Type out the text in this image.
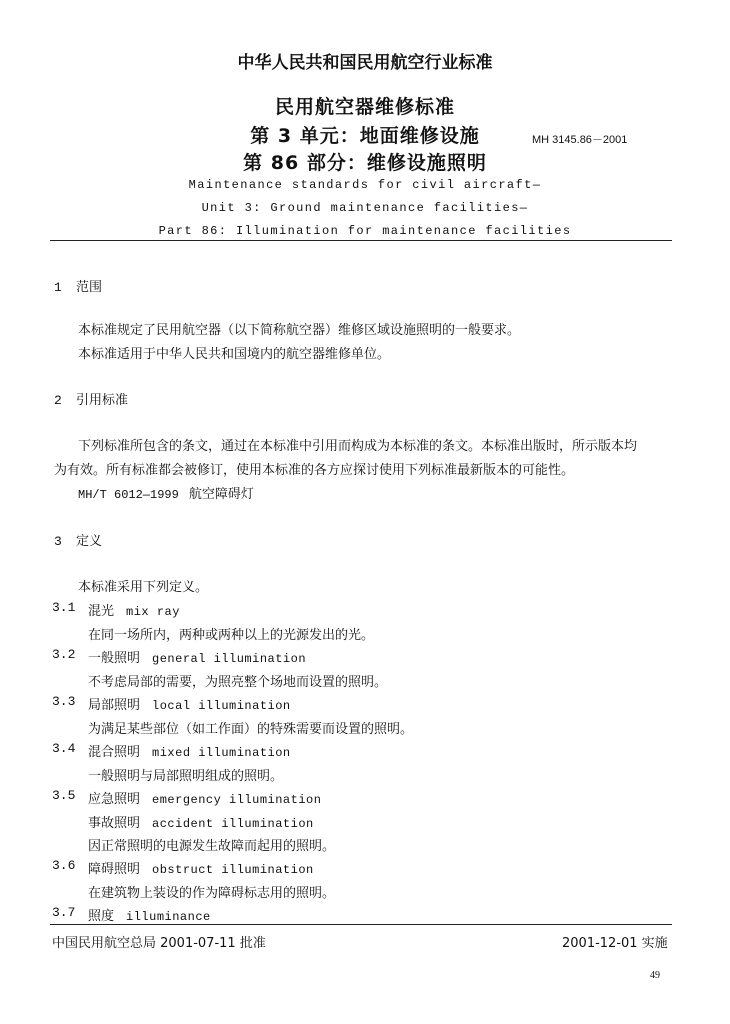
中华人民共和国民用航空行业标准
民用航空器维修标准
第 3 单元：地面维修设施
第 86 部分：维修设施照明
MH 3145.86－2001
Maintenance standards for civil aircraft—
Unit 3: Ground maintenance facilities—
Part 86: Illumination for maintenance facilities
1 范围
本标准规定了民用航空器（以下简称航空器）维修区域设施照明的一般要求。
本标准适用于中华人民共和国境内的航空器维修单位。
2 引用标准
下列标准所包含的条文，通过在本标准中引用而构成为本标准的条文。本标准出版时，所示版本均
为有效。所有标准都会被修订，使用本标准的各方应探讨使用下列标准最新版本的可能性。
MH/T 6012—1999 航空障碍灯
3 定义
本标准采用下列定义。
3.1 混光 mix ray
在同一场所内，两种或两种以上的光源发出的光。
3.2 一般照明 general illumination
不考虑局部的需要，为照亮整个场地而设置的照明。
3.3 局部照明 local illumination
为满足某些部位（如工作面）的特殊需要而设置的照明。
3.4 混合照明 mixed illumination
一般照明与局部照明组成的照明。
3.5 应急照明 emergency illumination
事故照明 accident illumination
因正常照明的电源发生故障而起用的照明。
3.6 障碍照明 obstruct illumination
在建筑物上装设的作为障碍标志用的照明。
3.7 照度 illuminance
中国民用航空总局 2001-07-11 批准	2001-12-01 实施
49
